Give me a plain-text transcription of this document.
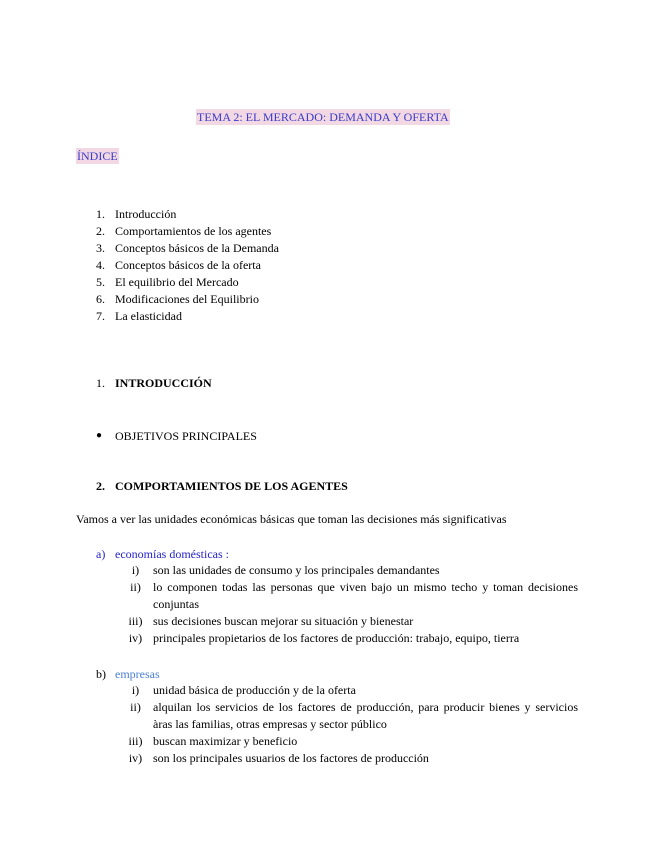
TEMA 2: EL MERCADO: DEMANDA Y OFERTA
ÍNDICE
1. Introducción
2. Comportamientos de los agentes
3. Conceptos básicos de la Demanda
4. Conceptos básicos de la oferta
5. El equilibrio del Mercado
6. Modificaciones del Equilibrio
7. La elasticidad
1. INTRODUCCIÓN
●	OBJETIVOS PRINCIPALES
2. COMPORTAMIENTOS DE LOS AGENTES
Vamos a ver las unidades económicas básicas que toman las decisiones más significativas
a) economías domésticas :
i)	son las unidades de consumo y los principales demandantes
ii)	lo componen todas las personas que viven bajo un mismo techo y toman decisiones conjuntas
iii) sus decisiones buscan mejorar su situación y bienestar
iv) principales propietarios de los factores de producción: trabajo, equipo, tierra
b) empresas
i)	unidad básica de producción y de la oferta
ii)	alquilan los servicios de los factores de producción, para producir bienes y servicios àras las familias, otras empresas y sector público
iii) buscan maximizar y beneficio
iv) son los principales usuarios de los factores de producción
